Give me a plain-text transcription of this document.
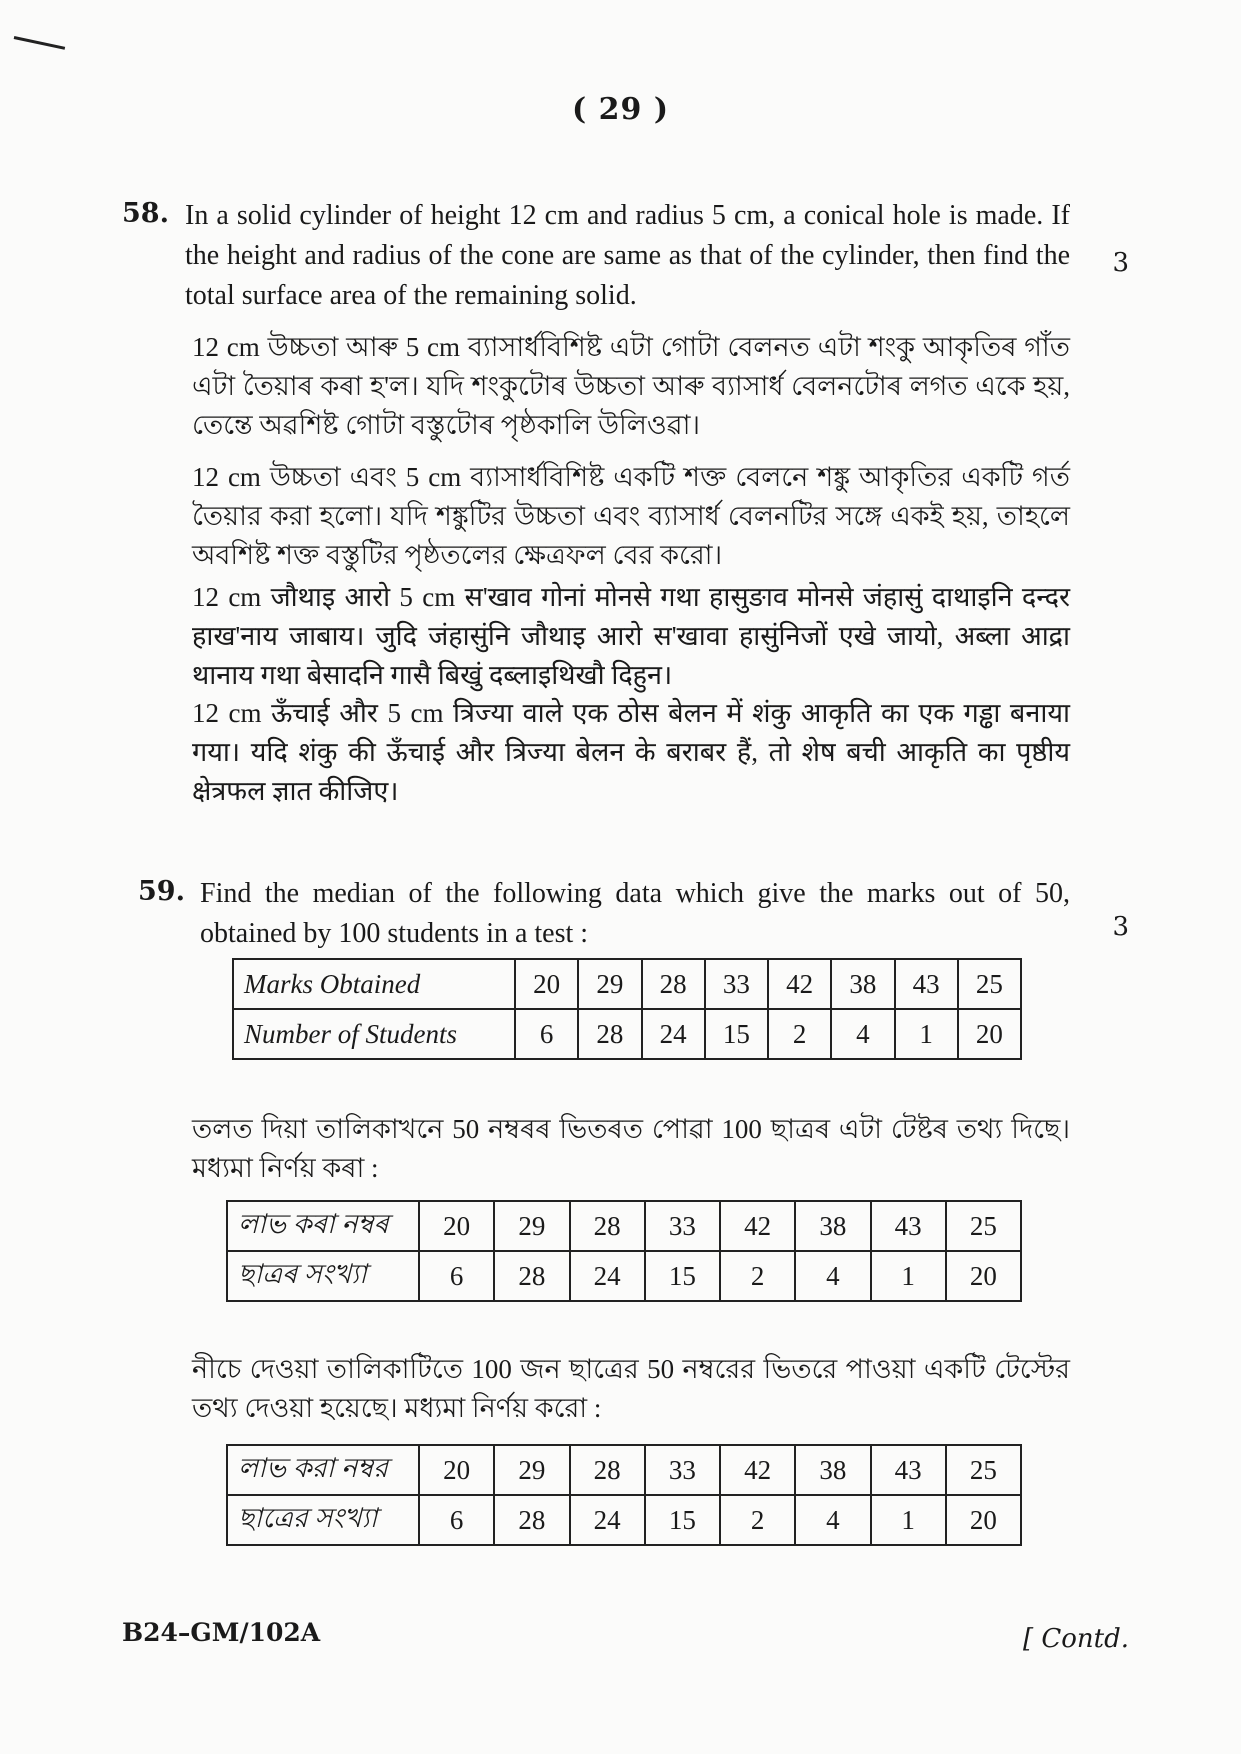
( 29 )
58.
3
In a solid cylinder of height 12 cm and radius 5 cm, a conical hole is made. If the height and radius of the cone are same as that of the cylinder, then find the total surface area of the remaining solid.
12 cm উচ্চতা আৰু 5 cm ব্যাসাৰ্ধবিশিষ্ট এটা গোটা বেলনত এটা শংকু আকৃতিৰ গাঁত এটা তৈয়াৰ কৰা হ'ল। যদি শংকুটোৰ উচ্চতা আৰু ব্যাসাৰ্ধ বেলনটোৰ লগত একে হয়, তেন্তে অৱশিষ্ট গোটা বস্তুটোৰ পৃষ্ঠকালি উলিওৱা।
12 cm উচ্চতা এবং 5 cm ব্যাসার্ধবিশিষ্ট একটি শক্ত বেলনে শঙ্কু আকৃতির একটি গর্ত তৈয়ার করা হলো। যদি শঙ্কুটির উচ্চতা এবং ব্যাসার্ধ বেলনটির সঙ্গে একই হয়, তাহলে অবশিষ্ট শক্ত বস্তুটির পৃষ্ঠতলের ক্ষেত্রফল বের করো।
12 cm जौथाइ आरो 5 cm स'खाव गोनां मोनसे गथा हासुङाव मोनसे जंहासुं दाथाइनि दन्दर हाख'नाय जाबाय। जुदि जंहासुंनि जौथाइ आरो स'खावा हासुंनिजों एखे जायो, अब्ला आद्रा थानाय गथा बेसादनि गासै बिखुं दब्लाइथिखौ दिहुन।
12 cm ऊँचाई और 5 cm त्रिज्या वाले एक ठोस बेलन में शंकु आकृति का एक गड्ढा बनाया गया। यदि शंकु की ऊँचाई और त्रिज्या बेलन के बराबर हैं, तो शेष बची आकृति का पृष्ठीय क्षेत्रफल ज्ञात कीजिए।
59.
3
Find the median of the following data which give the marks out of 50, obtained by 100 students in a test :
Marks Obtained	20	29	28	33	42	38	43	25
Number of Students	6	28	24	15	2	4	1	20
তলত দিয়া তালিকাখনে 50 নম্বৰৰ ভিতৰত পোৱা 100 ছাত্ৰৰ এটা টেষ্টৰ তথ্য দিছে। মধ্যমা নিৰ্ণয় কৰা :
লাভ কৰা নম্বৰ	20	29	28	33	42	38	43	25
ছাত্ৰৰ সংখ্যা	6	28	24	15	2	4	1	20
নীচে দেওয়া তালিকাটিতে 100 জন ছাত্রের 50 নম্বরের ভিতরে পাওয়া একটি টেস্টের তথ্য দেওয়া হয়েছে। মধ্যমা নির্ণয় করো :
লাভ করা নম্বর	20	29	28	33	42	38	43	25
ছাত্রের সংখ্যা	6	28	24	15	2	4	1	20
B24–GM/102A	[ Contd.
